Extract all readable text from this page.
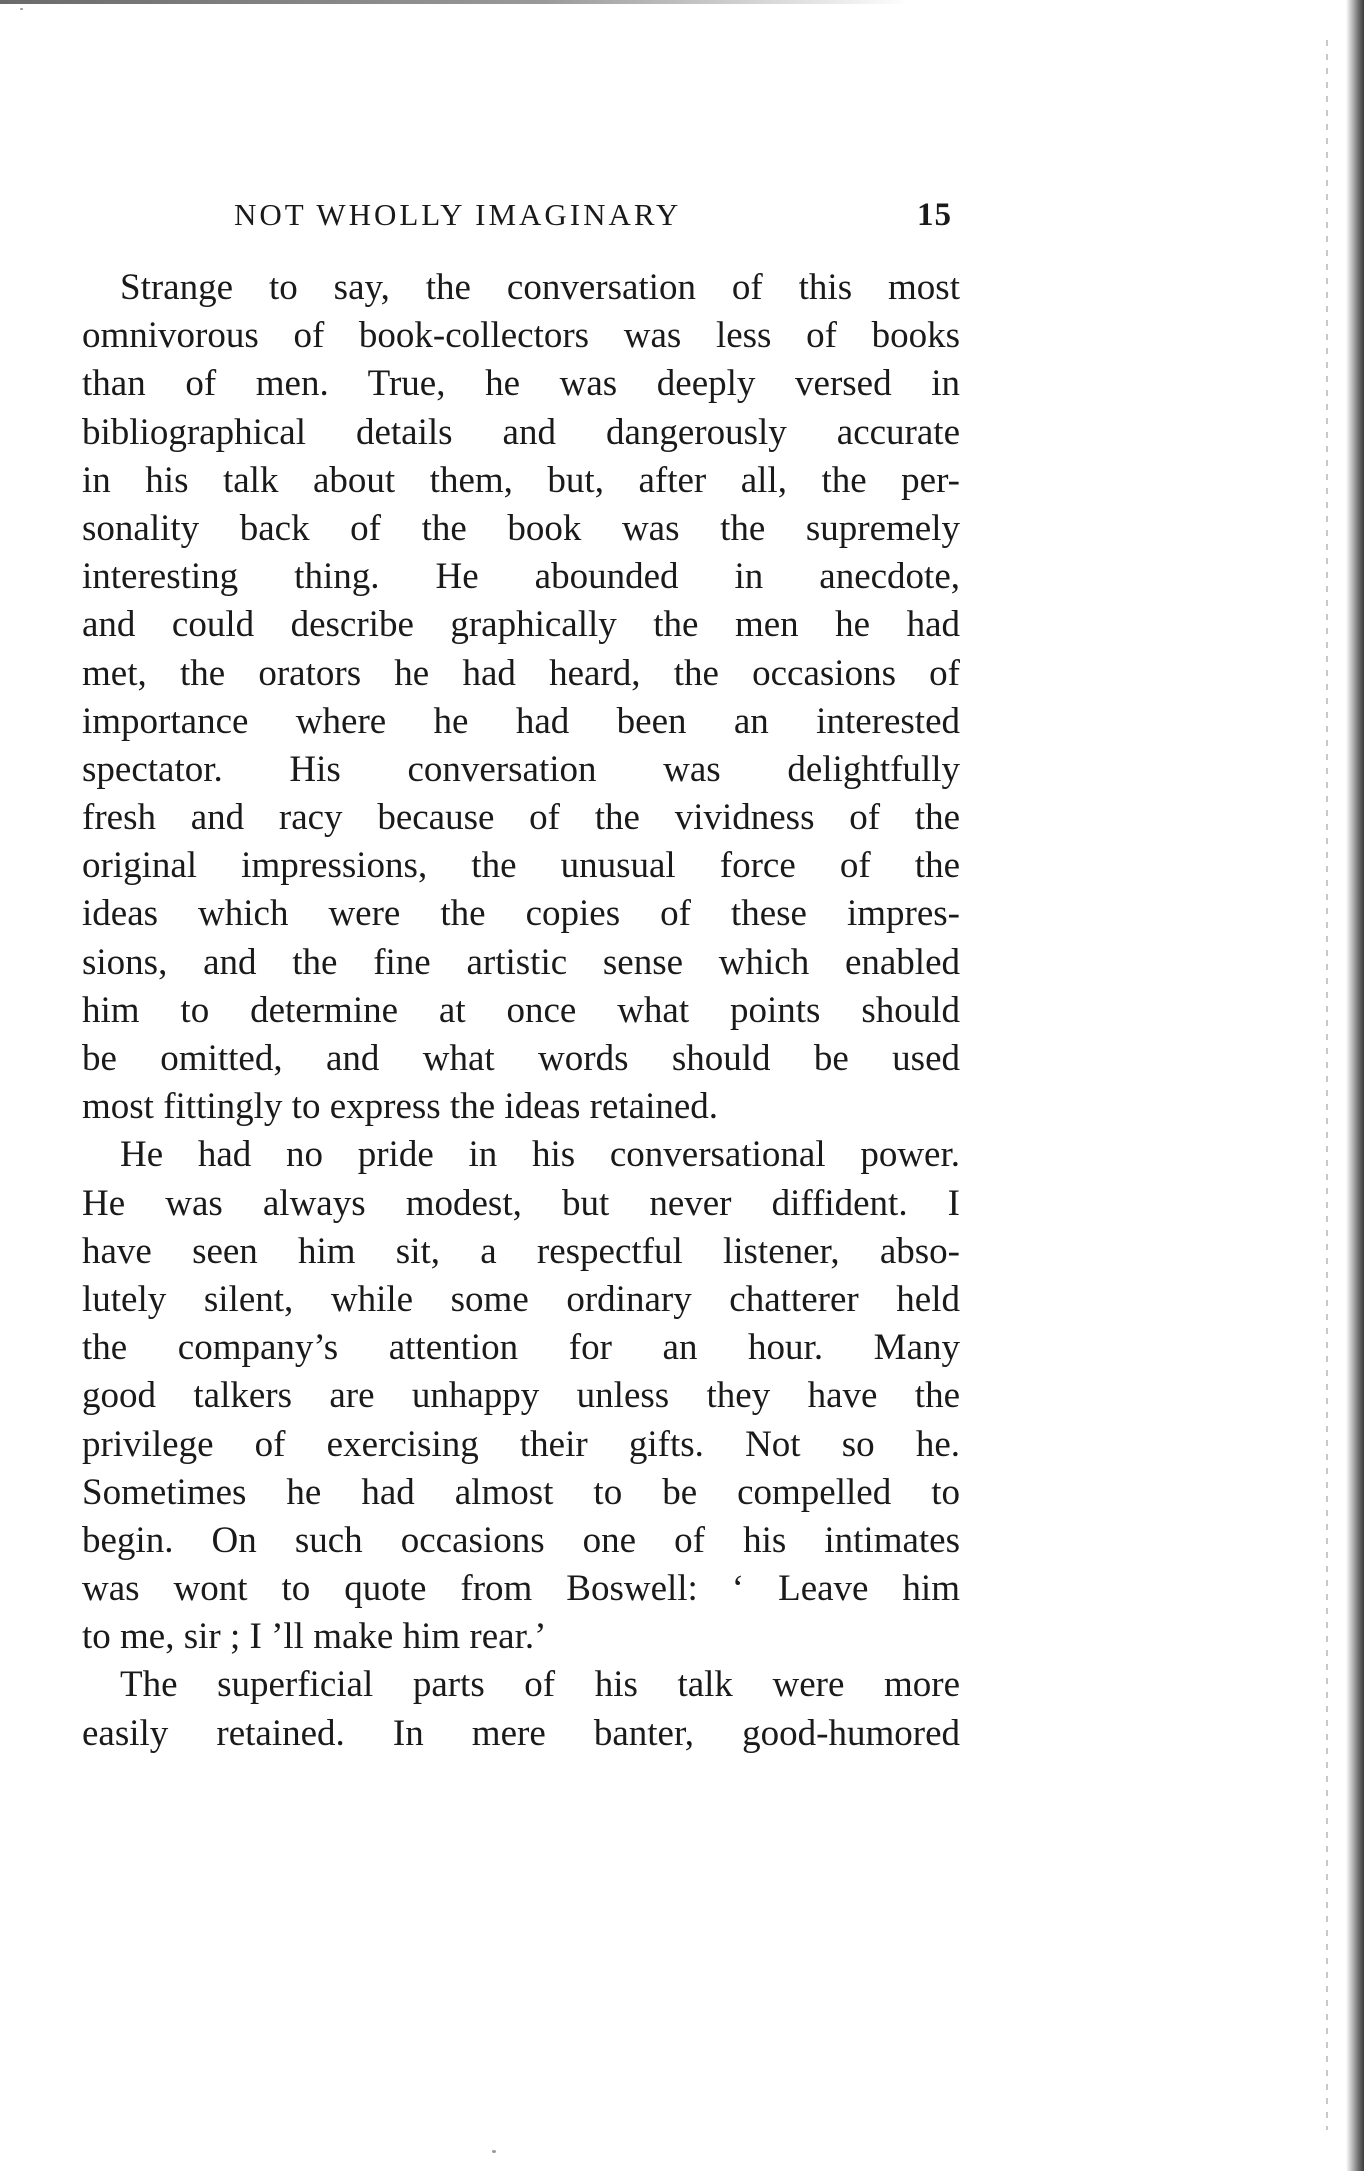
NOT WHOLLY IMAGINARY	15
Strange to say, the conversation of this most
omnivorous of book-collectors was less of books
than of men. True, he was deeply versed in
bibliographical details and dangerously accurate
in his talk about them, but, after all, the per-
sonality back of the book was the supremely
interesting thing. He abounded in anecdote,
and could describe graphically the men he had
met, the orators he had heard, the occasions of
importance where he had been an interested
spectator. His conversation was delightfully
fresh and racy because of the vividness of the
original impressions, the unusual force of the
ideas which were the copies of these impres-
sions, and the fine artistic sense which enabled
him to determine at once what points should
be omitted, and what words should be used
most fittingly to express the ideas retained.
He had no pride in his conversational power.
He was always modest, but never diffident. I
have seen him sit, a respectful listener, abso-
lutely silent, while some ordinary chatterer held
the company’s attention for an hour. Many
good talkers are unhappy unless they have the
privilege of exercising their gifts. Not so he.
Sometimes he had almost to be compelled to
begin. On such occasions one of his intimates
was wont to quote from Boswell: ‘ Leave him
to me, sir ; I ’ll make him rear.’
The superficial parts of his talk were more
easily retained. In mere banter, good-humored
